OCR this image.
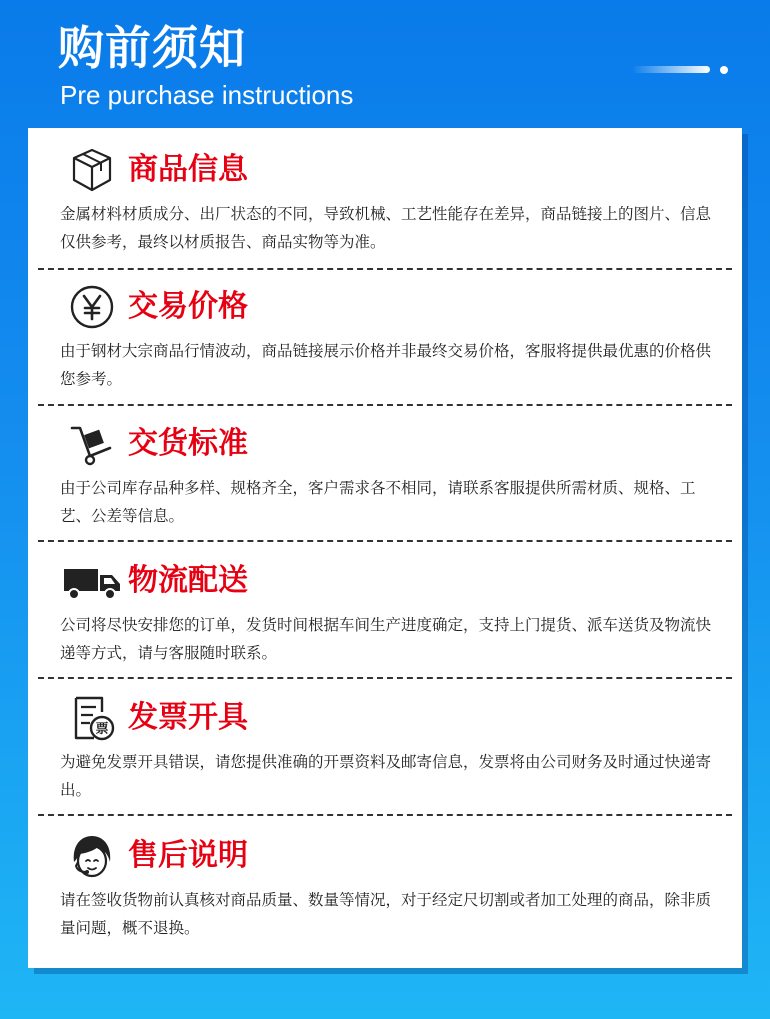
购前须知
Pre purchase instructions
商品信息
金属材料材质成分、出厂状态的不同，导致机械、工艺性能存在差异，商品链接上的图片、信息仅供参考，最终以材质报告、商品实物等为准。
交易价格
由于钢材大宗商品行情波动，商品链接展示价格并非最终交易价格，客服将提供最优惠的价格供您参考。
交货标准
由于公司库存品种多样、规格齐全，客户需求各不相同，请联系客服提供所需材质、规格、工艺、公差等信息。
物流配送
公司将尽快安排您的订单，发货时间根据车间生产进度确定，支持上门提货、派车送货及物流快递等方式，请与客服随时联系。
票 发票开具
为避免发票开具错误，请您提供准确的开票资料及邮寄信息，发票将由公司财务及时通过快递寄出。
售后说明
请在签收货物前认真核对商品质量、数量等情况，对于经定尺切割或者加工处理的商品，除非质量问题，概不退换。
